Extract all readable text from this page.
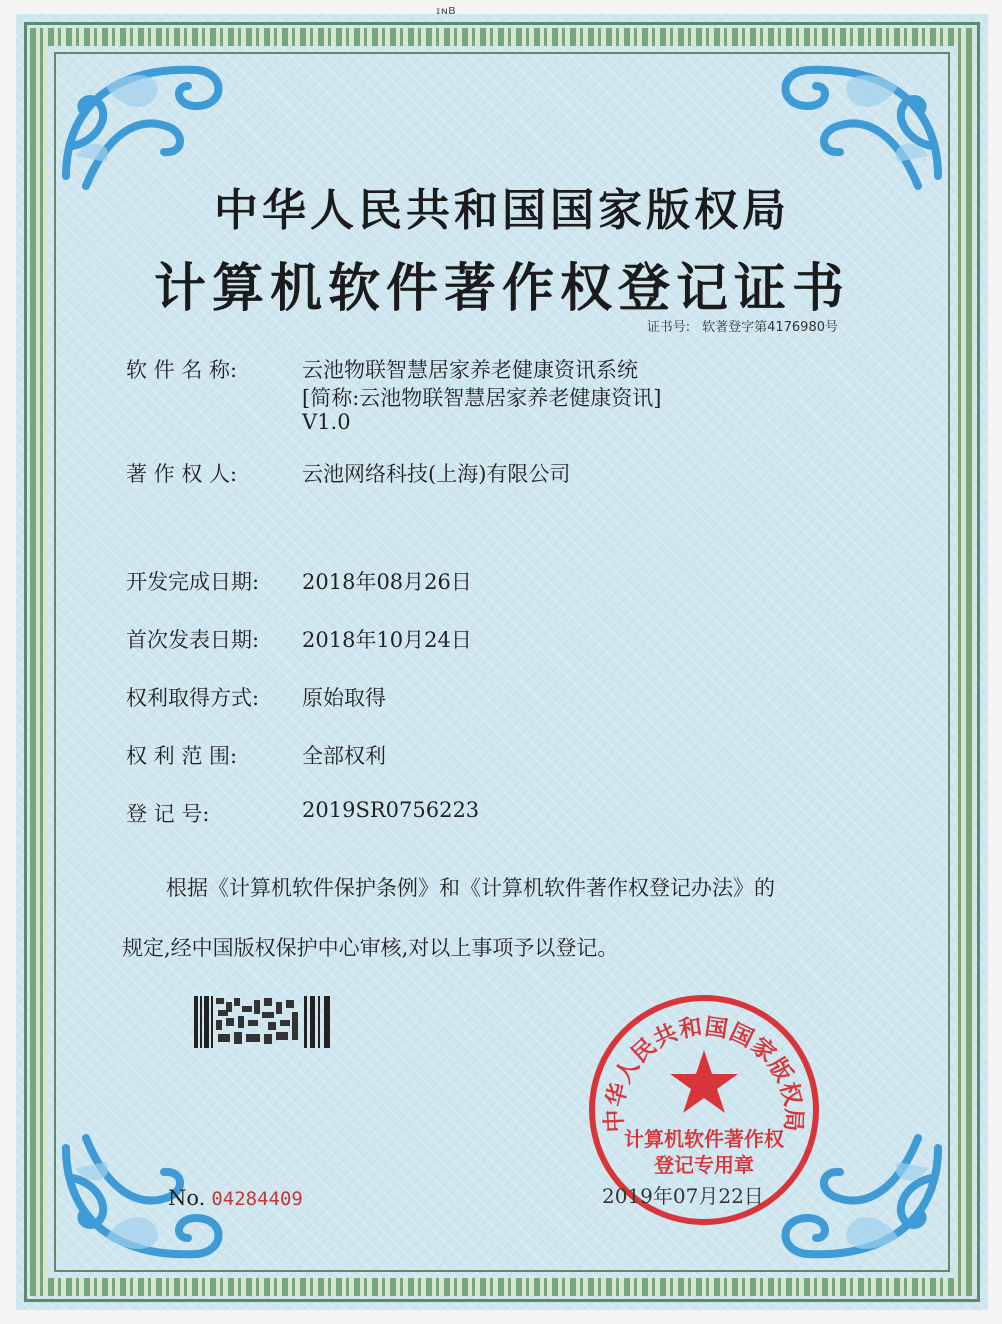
中华人民共和国国家版权局
计算机软件著作权登记证书
证书号: 软著登字第4176980号
软 件 名 称:	云池物联智慧居家养老健康资讯系统
[简称:云池物联智慧居家养老健康资讯]
V1.0
著 作 权 人:	云池网络科技(上海)有限公司
开发完成日期: 2018年08月26日
首次发表日期: 2018年10月24日
权利取得方式: 原始取得
权 利 范 围:	全部权利
登 记 号:	2019SR0756223
根据《计算机软件保护条例》和《计算机软件著作权登记办法》的
规定,经中国版权保护中心审核,对以上事项予以登记。
中华人民共和国国家版权局
计算机软件著作权
登记专用章
No. 04284409	2019年07月22日
ᶦᶰᴮ
